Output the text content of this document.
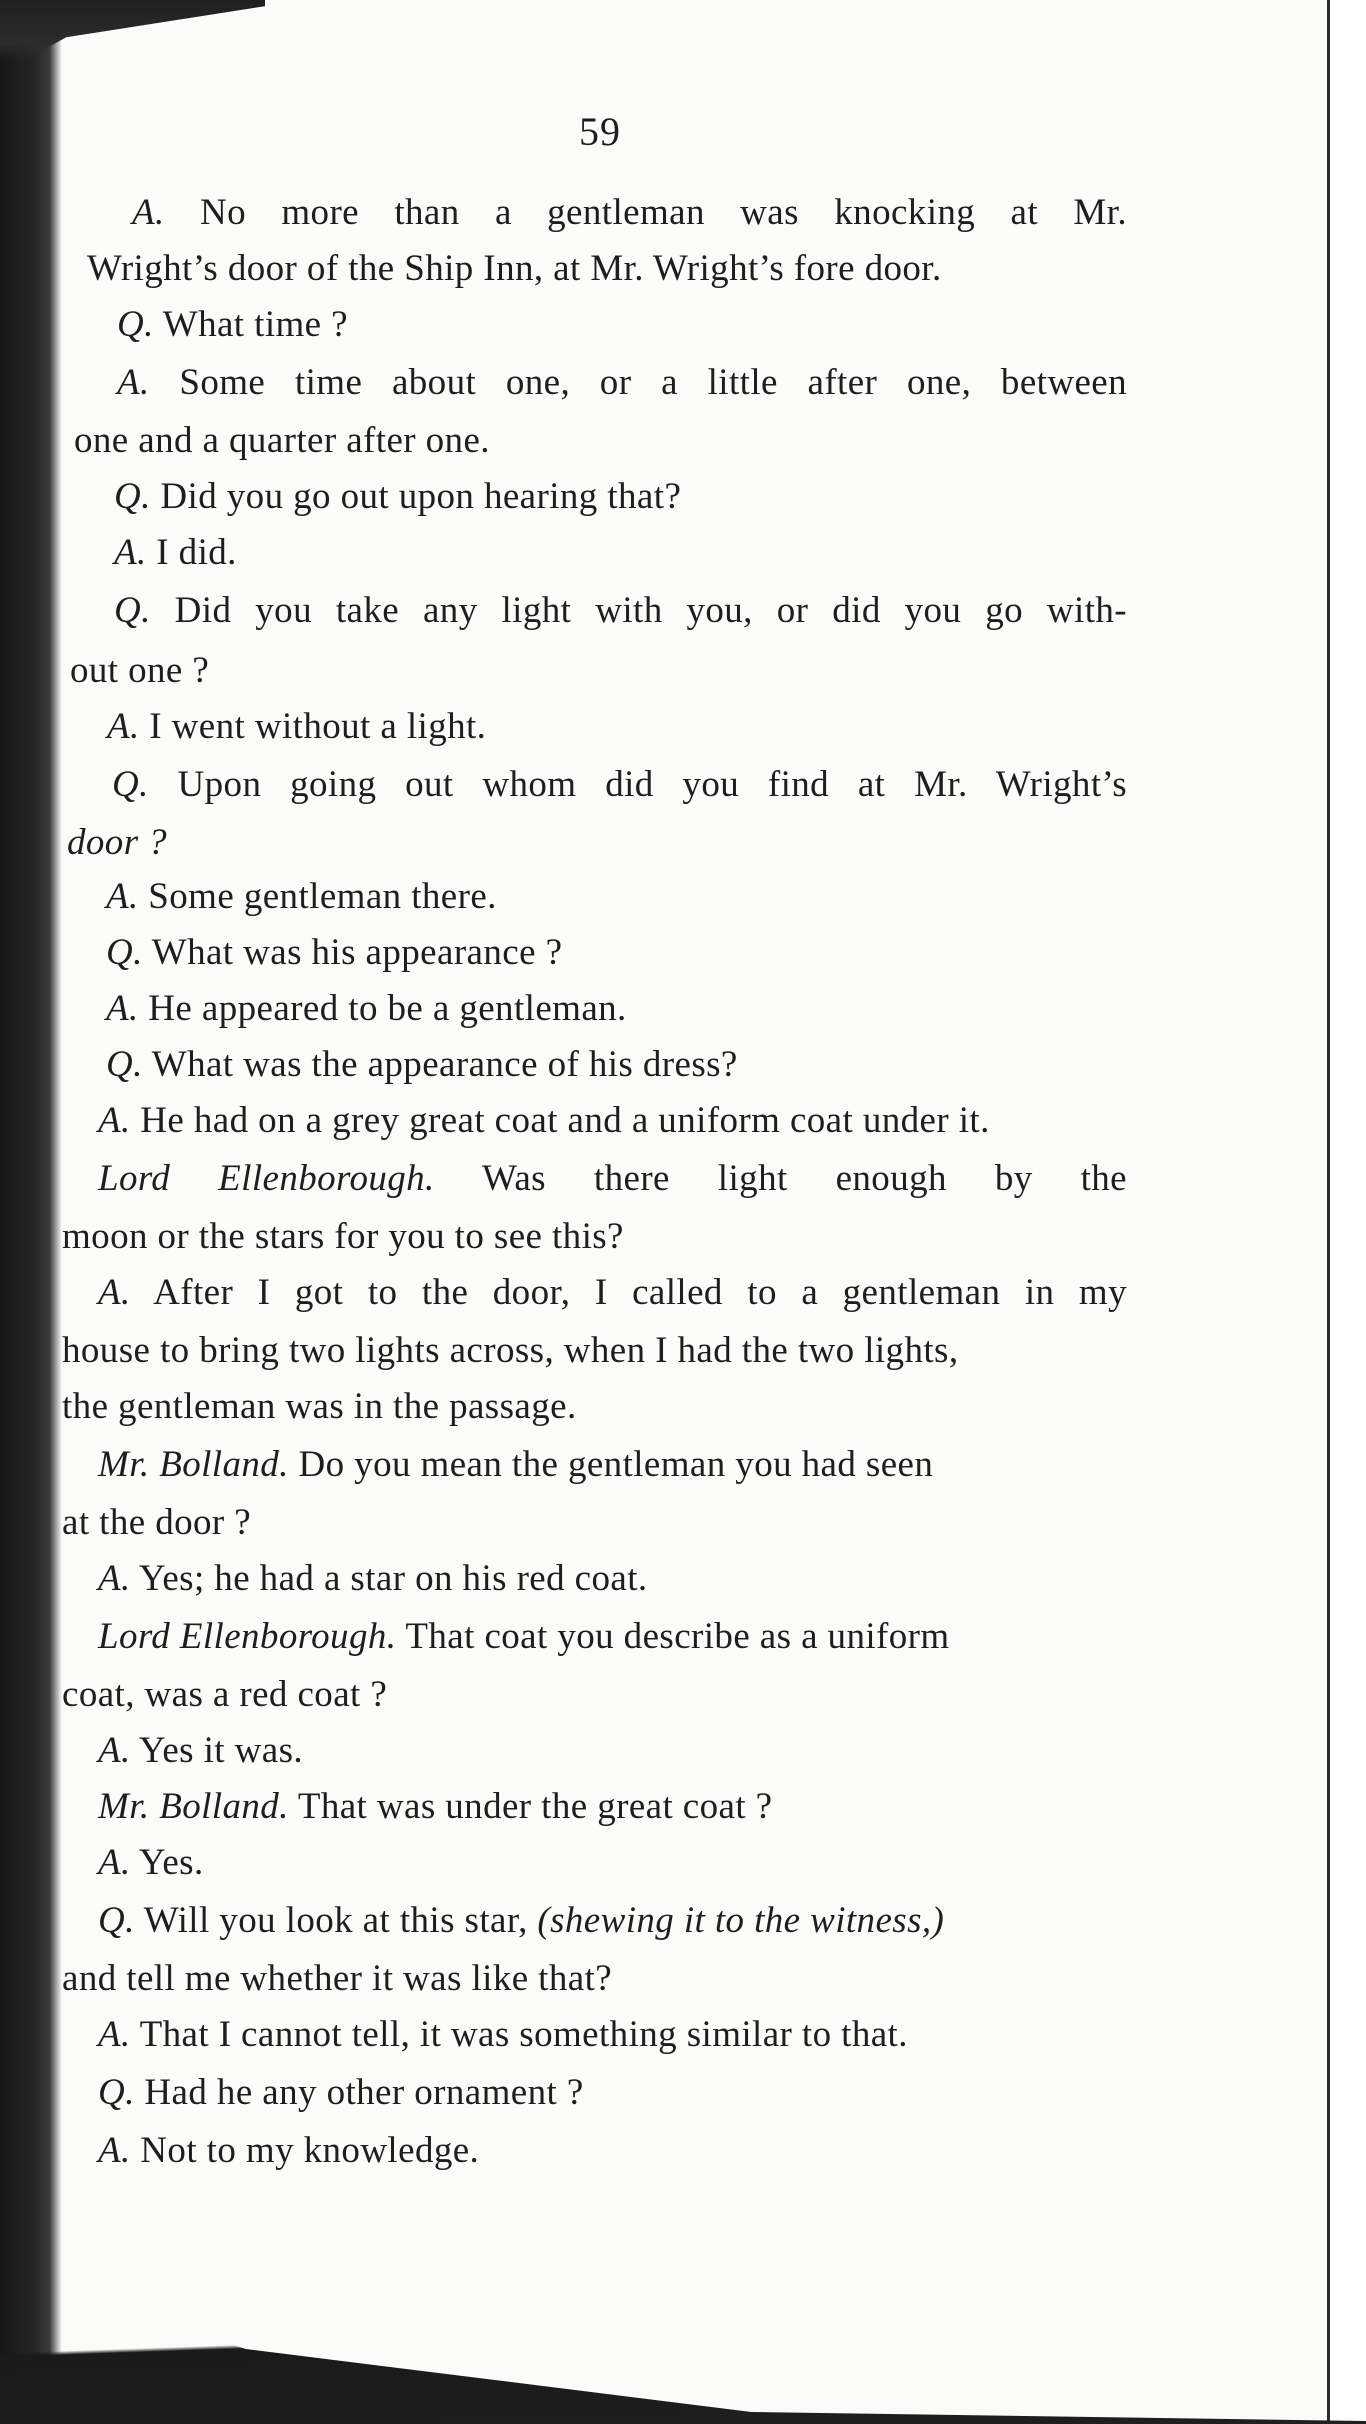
59
A. No more than a gentleman was knocking at Mr.
Wright’s door of the Ship Inn, at Mr. Wright’s fore door.
Q. What time ?
A. Some time about one, or a little after one, between
one and a quarter after one.
Q. Did you go out upon hearing that?
A. I did.
Q. Did you take any light with you, or did you go with-
out one ?
A. I went without a light.
Q. Upon going out whom did you find at Mr. Wright’s
door ?
A. Some gentleman there.
Q. What was his appearance ?
A. He appeared to be a gentleman.
Q. What was the appearance of his dress?
A. He had on a grey great coat and a uniform coat under it.
Lord Ellenborough. Was there light enough by the
moon or the stars for you to see this?
A. After I got to the door, I called to a gentleman in my
house to bring two lights across, when I had the two lights,
the gentleman was in the passage.
Mr. Bolland. Do you mean the gentleman you had seen
at the door ?
A. Yes; he had a star on his red coat.
Lord Ellenborough. That coat you describe as a uniform
coat, was a red coat ?
A. Yes it was.
Mr. Bolland. That was under the great coat ?
A. Yes.
Q. Will you look at this star, (shewing it to the witness,)
and tell me whether it was like that?
A. That I cannot tell, it was something similar to that.
Q. Had he any other ornament ?
A. Not to my knowledge.
